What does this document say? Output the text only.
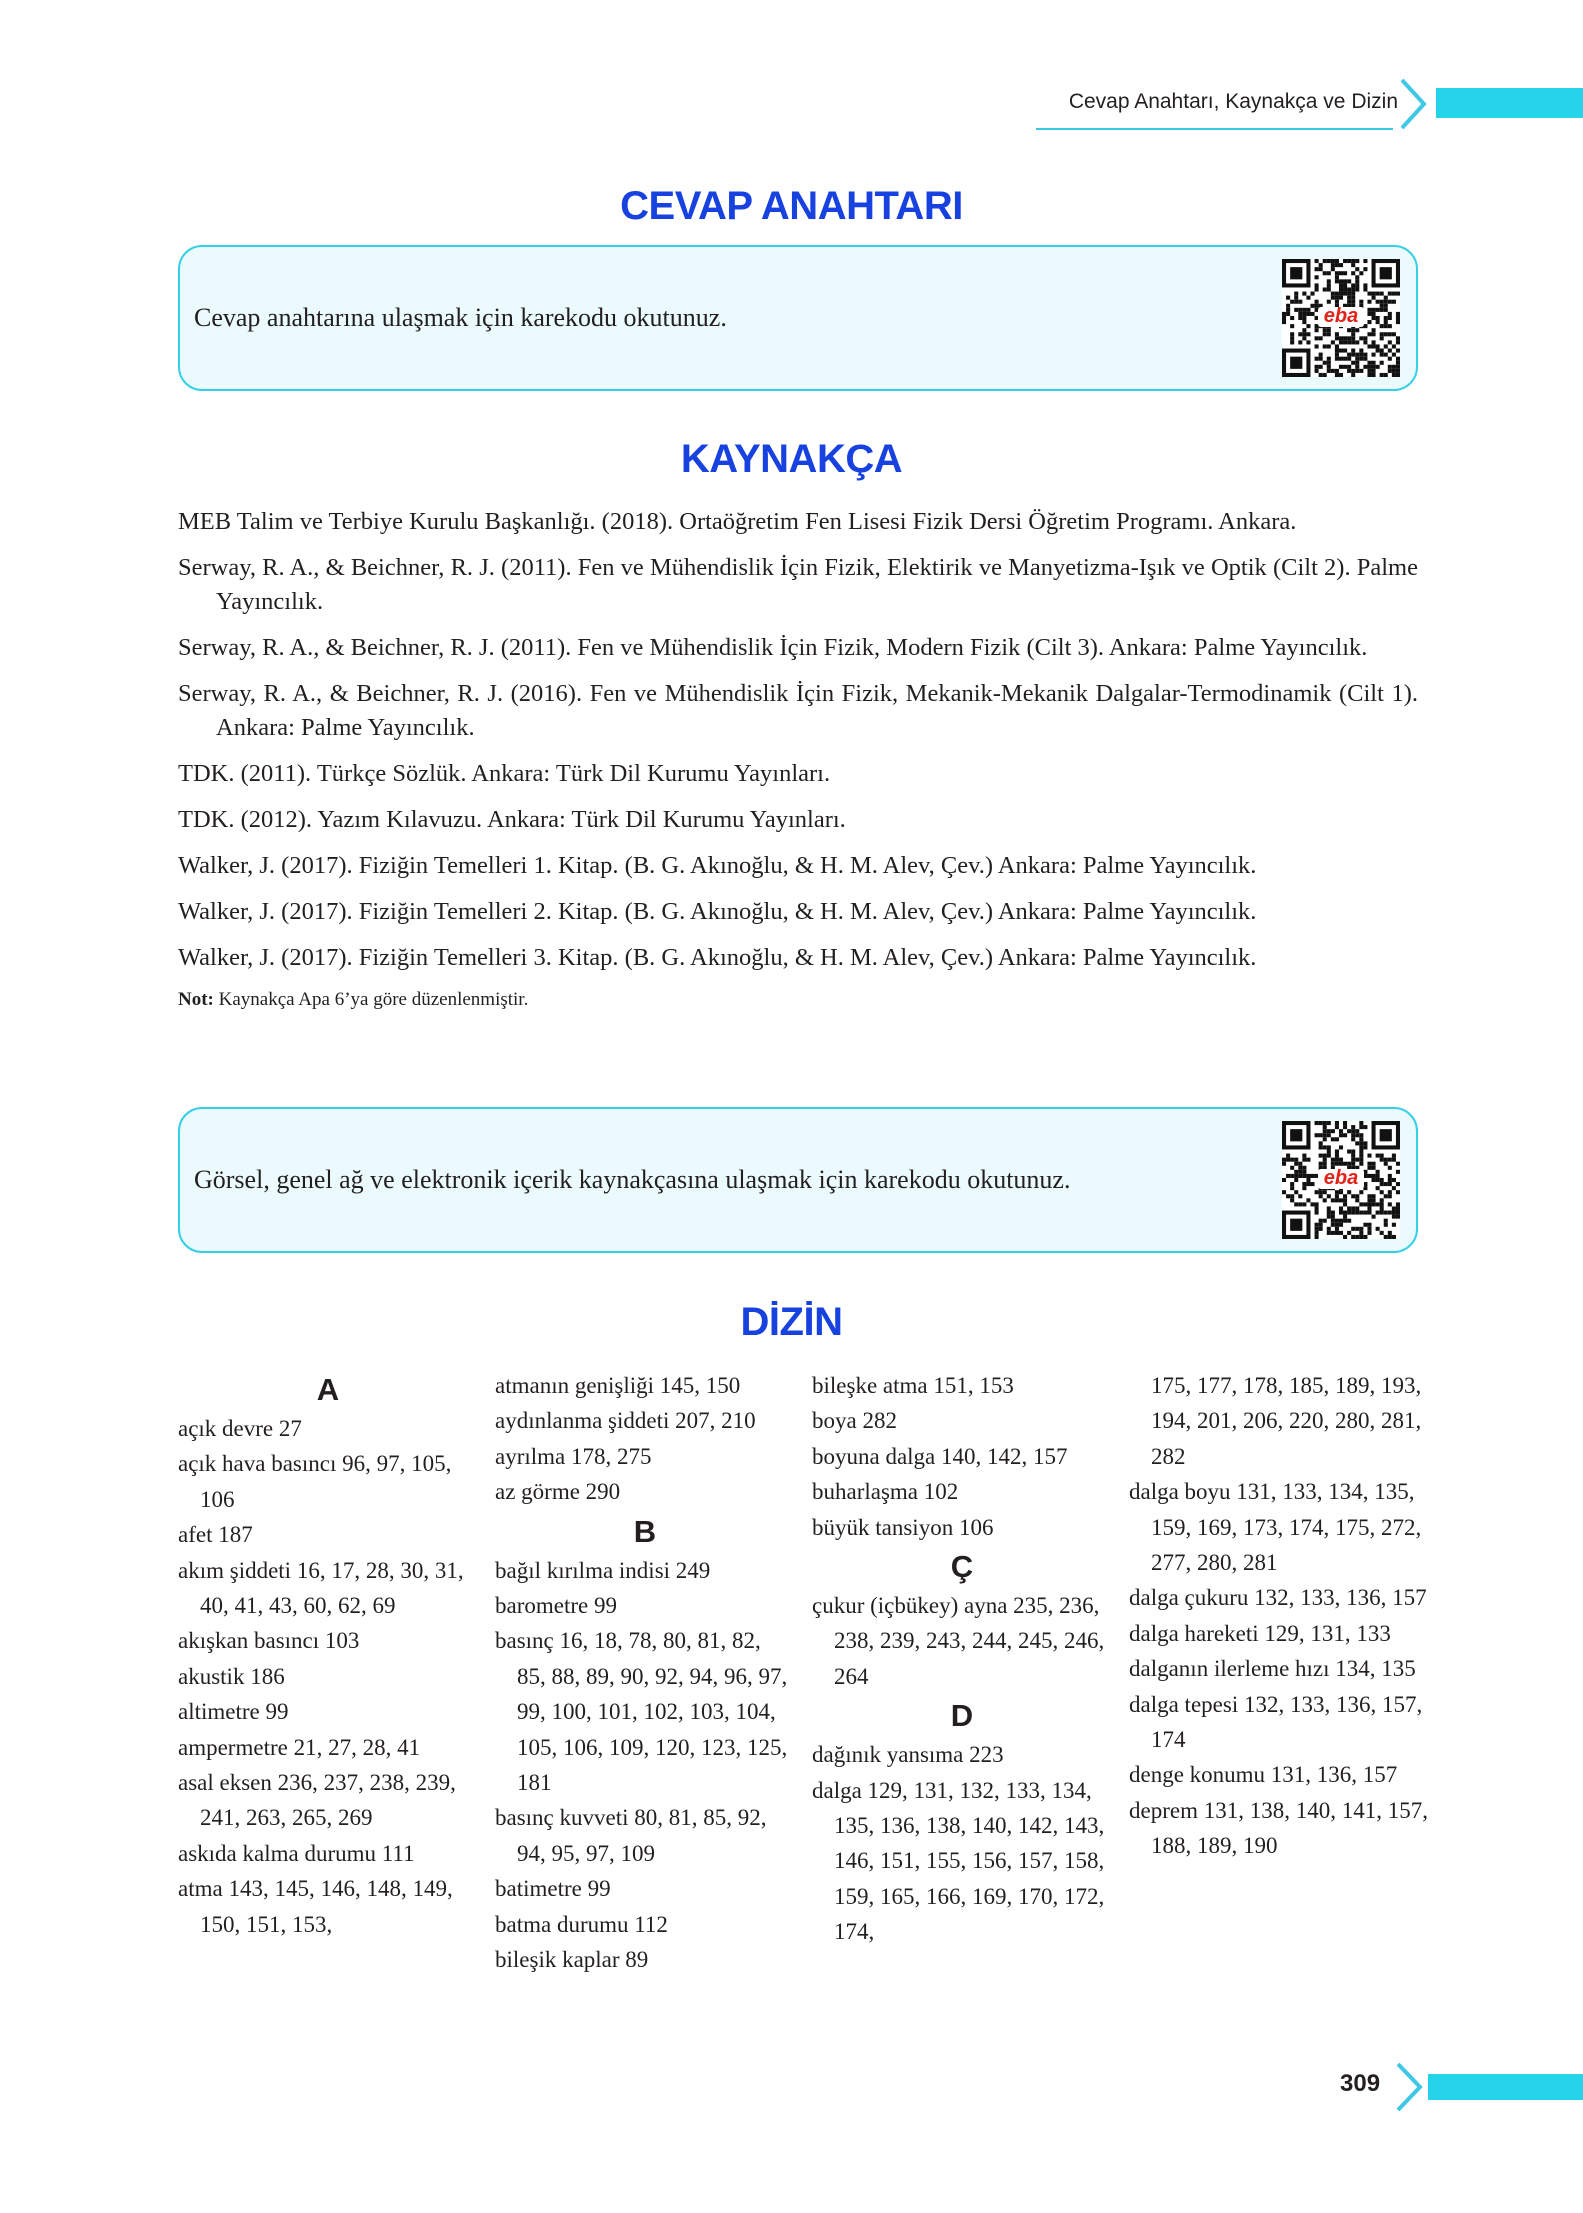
Cevap Anahtarı, Kaynakça ve Dizin
CEVAP ANAHTARI
Cevap anahtarına ulaşmak için karekodu okutunuz.	eba
KAYNAKÇA
MEB Talim ve Terbiye Kurulu Başkanlığı. (2018). Ortaöğretim Fen Lisesi Fizik Dersi Öğretim Programı. Ankara.
Serway, R. A., & Beichner, R. J. (2011). Fen ve Mühendislik İçin Fizik, Elektirik ve Manyetizma-Işık ve Optik (Cilt 2). Palme Yayıncılık.
Serway, R. A., & Beichner, R. J. (2011). Fen ve Mühendislik İçin Fizik, Modern Fizik (Cilt 3). Ankara: Palme Yayıncılık.
Serway, R. A., & Beichner, R. J. (2016). Fen ve Mühendislik İçin Fizik, Mekanik-Mekanik Dalgalar-Termodinamik (Cilt 1). Ankara: Palme Yayıncılık.
TDK. (2011). Türkçe Sözlük. Ankara: Türk Dil Kurumu Yayınları.
TDK. (2012). Yazım Kılavuzu. Ankara: Türk Dil Kurumu Yayınları.
Walker, J. (2017). Fiziğin Temelleri 1. Kitap. (B. G. Akınoğlu, & H. M. Alev, Çev.) Ankara: Palme Yayıncılık.
Walker, J. (2017). Fiziğin Temelleri 2. Kitap. (B. G. Akınoğlu, & H. M. Alev, Çev.) Ankara: Palme Yayıncılık.
Walker, J. (2017). Fiziğin Temelleri 3. Kitap. (B. G. Akınoğlu, & H. M. Alev, Çev.) Ankara: Palme Yayıncılık.
Not: Kaynakça Apa 6’ya göre düzenlenmiştir.
Görsel, genel ağ ve elektronik içerik kaynakçasına ulaşmak için karekodu okutunuz.	eba
DİZİN
A
açık devre 27
açık hava basıncı 96, 97, 105, 106
afet 187
akım şiddeti 16, 17, 28, 30, 31, 40, 41, 43, 60, 62, 69
akışkan basıncı 103
akustik 186
altimetre 99
ampermetre 21, 27, 28, 41
asal eksen 236, 237, 238, 239, 241, 263, 265, 269
askıda kalma durumu 111
atma 143, 145, 146, 148, 149, 150, 151, 153,
atmanın genişliği 145, 150
aydınlanma şiddeti 207, 210
ayrılma 178, 275
az görme 290
B
bağıl kırılma indisi 249
barometre 99
basınç 16, 18, 78, 80, 81, 82, 85, 88, 89, 90, 92, 94, 96, 97, 99, 100, 101, 102, 103, 104, 105, 106, 109, 120, 123, 125, 181
basınç kuvveti 80, 81, 85, 92, 94, 95, 97, 109
batimetre 99
batma durumu 112
bileşik kaplar 89
bileşke atma 151, 153
boya 282
boyuna dalga 140, 142, 157
buharlaşma 102
büyük tansiyon 106
Ç
çukur (içbükey) ayna 235, 236, 238, 239, 243, 244, 245, 246, 264
D
dağınık yansıma 223
dalga 129, 131, 132, 133, 134, 135, 136, 138, 140, 142, 143, 146, 151, 155, 156, 157, 158, 159, 165, 166, 169, 170, 172, 174,
175, 177, 178, 185, 189, 193, 194, 201, 206, 220, 280, 281, 282
dalga boyu 131, 133, 134, 135, 159, 169, 173, 174, 175, 272, 277, 280, 281
dalga çukuru 132, 133, 136, 157
dalga hareketi 129, 131, 133
dalganın ilerleme hızı 134, 135
dalga tepesi 132, 133, 136, 157, 174
denge konumu 131, 136, 157
deprem 131, 138, 140, 141, 157, 188, 189, 190
309
